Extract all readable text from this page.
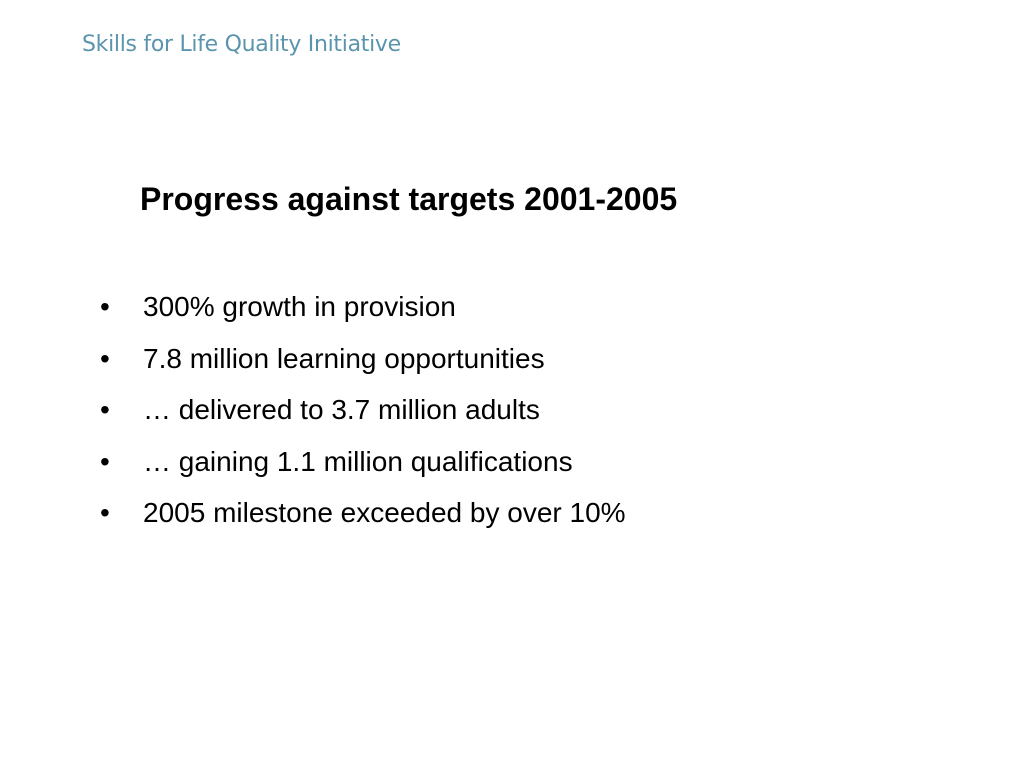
Skills for Life Quality Initiative
Progress against targets 2001-2005
•	300% growth in provision
•	7.8 million learning opportunities
•	… delivered to 3.7 million adults
•	… gaining 1.1 million qualifications
•	2005 milestone exceeded by over 10%
